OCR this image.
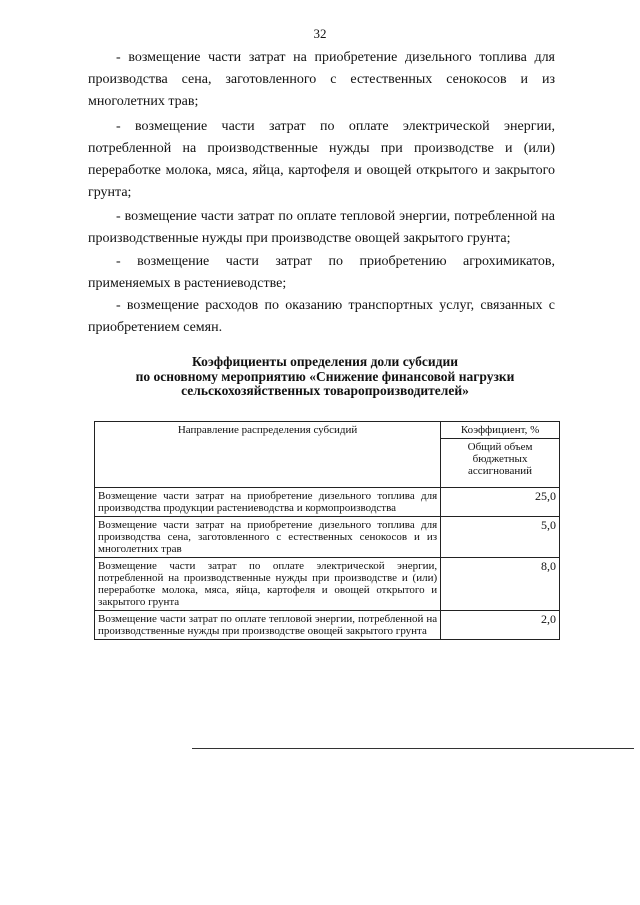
32

- возмещение части затрат на приобретение дизельного топлива для производства сена, заготовленного с естественных сенокосов и из многолетних трав;

- возмещение части затрат по оплате электрической энергии, потребленной на производственные нужды при производстве и (или) переработке молока, мяса, яйца, картофеля и овощей открытого и закрытого грунта;

- возмещение части затрат по оплате тепловой энергии, потребленной на производственные нужды при производстве овощей закрытого грунта;

- возмещение части затрат по приобретению агрохимикатов, применяемых в растениеводстве;

- возмещение расходов по оказанию транспортных услуг, связанных с приобретением семян.

Коэффициенты определения доли субсидии
по основному мероприятию «Снижение финансовой нагрузки
сельскохозяйственных товаропроизводителей»
Направление распределения субсидий	Коэффициент, %
	Общий объем бюджетных ассигнований
Возмещение части затрат на приобретение дизельного топлива для производства продукции растениеводства и кормопроизводства	25,0
Возмещение части затрат на приобретение дизельного топлива для производства сена, заготовленного с естественных сенокосов и из многолетних трав	5,0
Возмещение части затрат по оплате электрической энергии, потребленной на производственные нужды при производстве и (или) переработке молока, мяса, яйца, картофеля и овощей открытого и закрытого грунта	8,0
Возмещение части затрат по оплате тепловой энергии, потребленной на производственные нужды при производстве овощей закрытого грунта	2,0
